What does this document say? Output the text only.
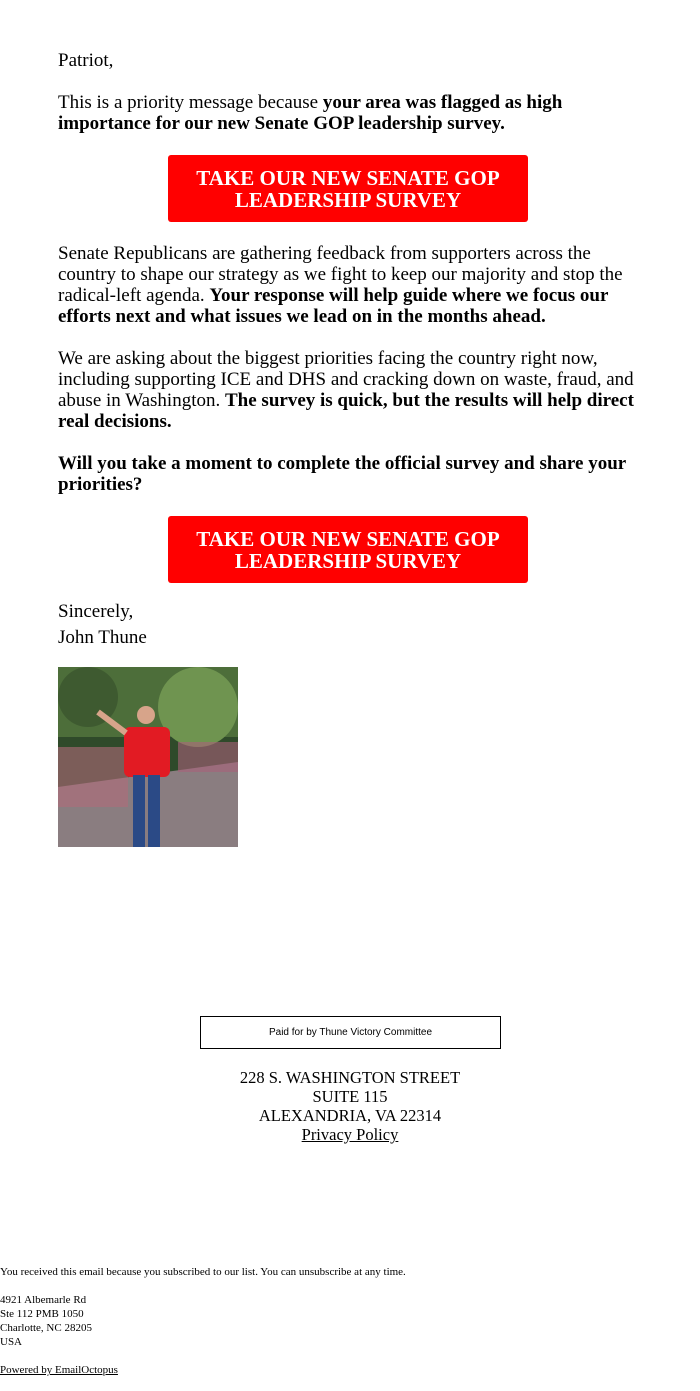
Patriot,

This is a priority message because your area was flagged as high importance for our new Senate GOP leadership survey.

TAKE OUR NEW SENATE GOP LEADERSHIP SURVEY

Senate Republicans are gathering feedback from supporters across the country to shape our strategy as we fight to keep our majority and stop the radical-left agenda. Your response will help guide where we focus our efforts next and what issues we lead on in the months ahead.

We are asking about the biggest priorities facing the country right now, including supporting ICE and DHS and cracking down on waste, fraud, and abuse in Washington. The survey is quick, but the results will help direct real decisions.

Will you take a moment to complete the official survey and share your priorities?

TAKE OUR NEW SENATE GOP LEADERSHIP SURVEY
Sincerely,
John Thune
Paid for by Thune Victory Committee
228 S. WASHINGTON STREET
SUITE 115
ALEXANDRIA, VA 22314
Privacy Policy

You received this email because you subscribed to our list. You can unsubscribe at any time.

4921 Albemarle Rd
Ste 112 PMB 1050
Charlotte, NC 28205
USA

Powered by EmailOctopus
